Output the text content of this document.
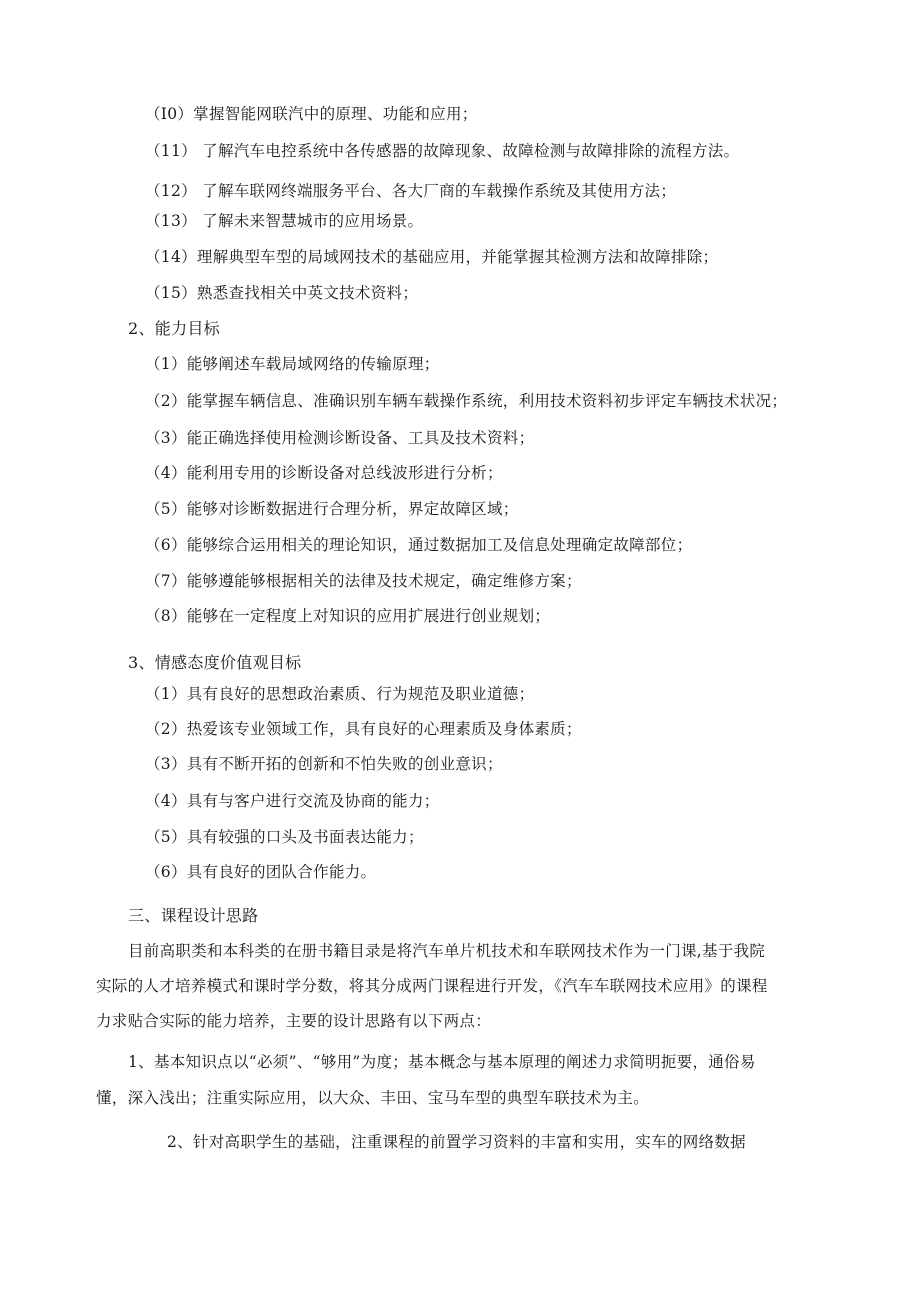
（I0）掌握智能网联汽中的原理、功能和应用；
（11） 了解汽车电控系统中各传感器的故障现象、故障检测与故障排除的流程方法。
（12） 了解车联网终端服务平台、各大厂商的车载操作系统及其使用方法；
（13） 了解未来智慧城市的应用场景。
（14）理解典型车型的局域网技术的基础应用，并能掌握其检测方法和故障排除；
（15）熟悉查找相关中英文技术资料；
2、能力目标
（1）能够阐述车载局域网络的传输原理；
（2）能掌握车辆信息、准确识别车辆车载操作系统，利用技术资料初步评定车辆技术状况；
（3）能正确选择使用检测诊断设备、工具及技术资料；
（4）能利用专用的诊断设备对总线波形进行分析；
（5）能够对诊断数据进行合理分析，界定故障区域；
（6）能够综合运用相关的理论知识，通过数据加工及信息处理确定故障部位；
（7）能够遵能够根据相关的法律及技术规定，确定维修方案；
（8）能够在一定程度上对知识的应用扩展进行创业规划；
3、情感态度价值观目标
（1）具有良好的思想政治素质、行为规范及职业道德；
（2）热爱该专业领域工作，具有良好的心理素质及身体素质；
（3）具有不断开拓的创新和不怕失败的创业意识；
（4）具有与客户进行交流及协商的能力；
（5）具有较强的口头及书面表达能力；
（6）具有良好的团队合作能力。
三、课程设计思路
目前高职类和本科类的在册书籍目录是将汽车单片机技术和车联网技术作为一门课,基于我院
实际的人才培养模式和课时学分数，将其分成两门课程进行开发，《汽车车联网技术应用》的课程
力求贴合实际的能力培养，主要的设计思路有以下两点：
1、基本知识点以“必须”、“够用”为度；基本概念与基本原理的阐述力求简明扼要，通俗易
懂，深入浅出；注重实际应用，以大众、丰田、宝马车型的典型车联技术为主。
2、针对高职学生的基础，注重课程的前置学习资料的丰富和实用，实车的网络数据
